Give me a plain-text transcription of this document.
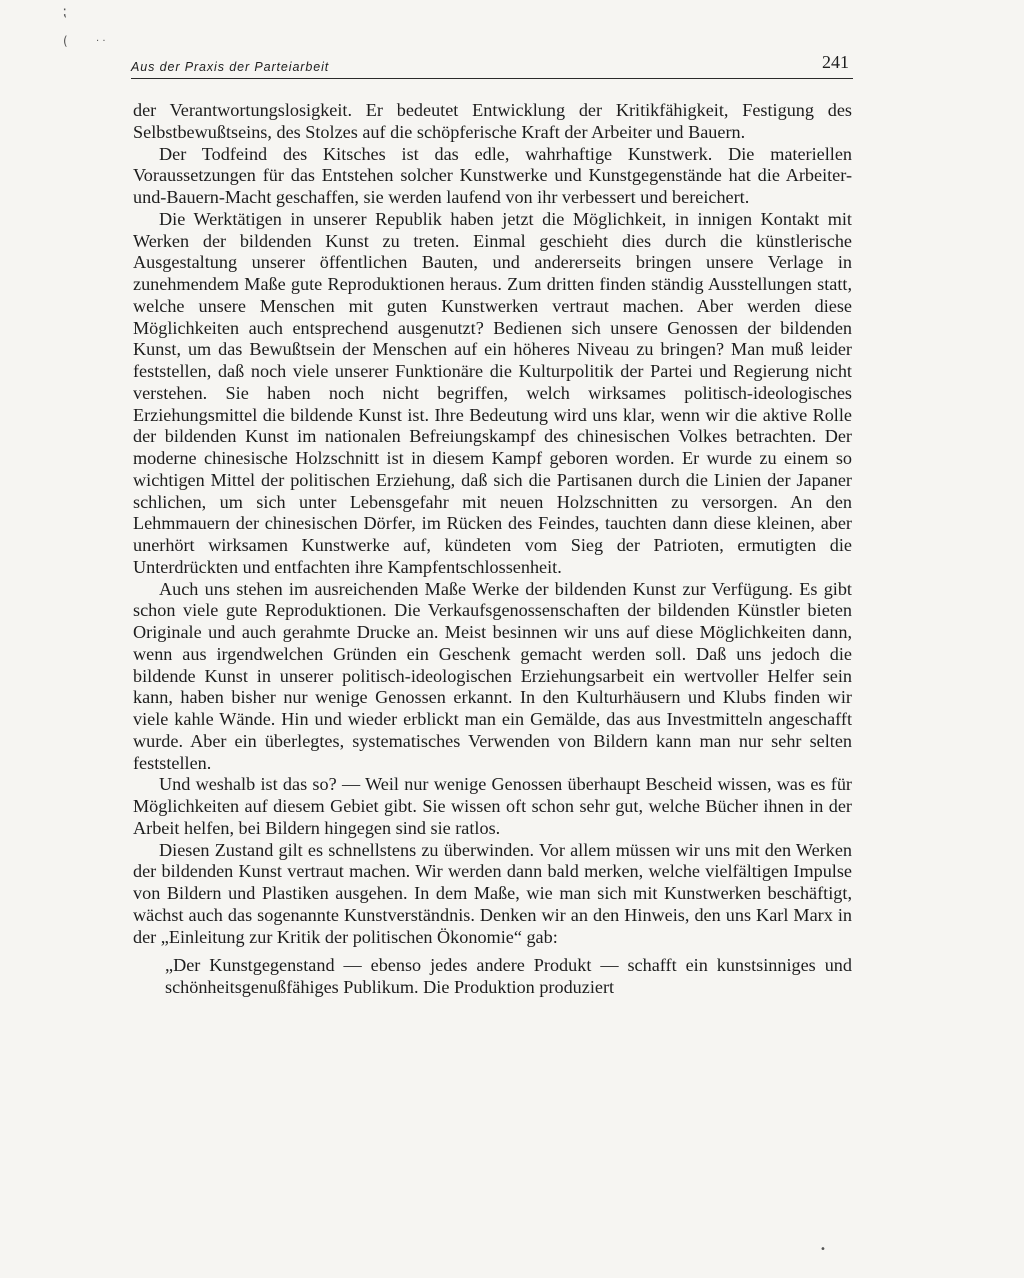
⁏
(	· ·
•
Aus der Praxis der Parteiarbeit	241

der Verantwortungslosigkeit. Er bedeutet Entwicklung der Kritikfähigkeit, Festigung des Selbstbewußtseins, des Stolzes auf die schöpferische Kraft der Arbeiter und Bauern.

Der Todfeind des Kitsches ist das edle, wahrhaftige Kunstwerk. Die materiellen Voraussetzungen für das Entstehen solcher Kunstwerke und Kunstgegenstände hat die Arbeiter-und-Bauern-Macht geschaffen, sie werden laufend von ihr verbessert und bereichert.

Die Werktätigen in unserer Republik haben jetzt die Möglichkeit, in innigen Kontakt mit Werken der bildenden Kunst zu treten. Einmal geschieht dies durch die künstlerische Ausgestaltung unserer öffentlichen Bauten, und andererseits bringen unsere Verlage in zunehmendem Maße gute Reproduktionen heraus. Zum dritten finden ständig Ausstellungen statt, welche unsere Menschen mit guten Kunstwerken vertraut machen. Aber werden diese Möglichkeiten auch entsprechend ausgenutzt? Bedienen sich unsere Genossen der bildenden Kunst, um das Bewußtsein der Menschen auf ein höheres Niveau zu bringen? Man muß leider feststellen, daß noch viele unserer Funktionäre die Kulturpolitik der Partei und Regierung nicht verstehen. Sie haben noch nicht begriffen, welch wirksames politisch-ideologisches Erziehungsmittel die bildende Kunst ist. Ihre Bedeutung wird uns klar, wenn wir die aktive Rolle der bildenden Kunst im nationalen Befreiungskampf des chinesischen Volkes betrachten. Der moderne chinesische Holzschnitt ist in diesem Kampf geboren worden. Er wurde zu einem so wichtigen Mittel der politischen Erziehung, daß sich die Partisanen durch die Linien der Japaner schlichen, um sich unter Lebensgefahr mit neuen Holzschnitten zu versorgen. An den Lehmmauern der chinesischen Dörfer, im Rücken des Feindes, tauchten dann diese kleinen, aber unerhört wirksamen Kunstwerke auf, kündeten vom Sieg der Patrioten, ermutigten die Unterdrückten und entfachten ihre Kampfentschlossenheit.

Auch uns stehen im ausreichenden Maße Werke der bildenden Kunst zur Verfügung. Es gibt schon viele gute Reproduktionen. Die Verkaufsgenossenschaften der bildenden Künstler bieten Originale und auch gerahmte Drucke an. Meist besinnen wir uns auf diese Möglichkeiten dann, wenn aus irgendwelchen Gründen ein Geschenk gemacht werden soll. Daß uns jedoch die bildende Kunst in unserer politisch-ideologischen Erziehungsarbeit ein wertvoller Helfer sein kann, haben bisher nur wenige Genossen erkannt. In den Kulturhäusern und Klubs finden wir viele kahle Wände. Hin und wieder erblickt man ein Gemälde, das aus Investmitteln angeschafft wurde. Aber ein überlegtes, systematisches Verwenden von Bildern kann man nur sehr selten feststellen.

Und weshalb ist das so? — Weil nur wenige Genossen überhaupt Bescheid wissen, was es für Möglichkeiten auf diesem Gebiet gibt. Sie wissen oft schon sehr gut, welche Bücher ihnen in der Arbeit helfen, bei Bildern hingegen sind sie ratlos.

Diesen Zustand gilt es schnellstens zu überwinden. Vor allem müssen wir uns mit den Werken der bildenden Kunst vertraut machen. Wir werden dann bald merken, welche vielfältigen Impulse von Bildern und Plastiken ausgehen. In dem Maße, wie man sich mit Kunstwerken beschäftigt, wächst auch das sogenannte Kunstverständnis. Denken wir an den Hinweis, den uns Karl Marx in der „Einleitung zur Kritik der politischen Ökonomie“ gab:

„Der Kunstgegenstand — ebenso jedes andere Produkt — schafft ein kunstsinniges und schönheitsgenußfähiges Publikum. Die Produktion produziert
